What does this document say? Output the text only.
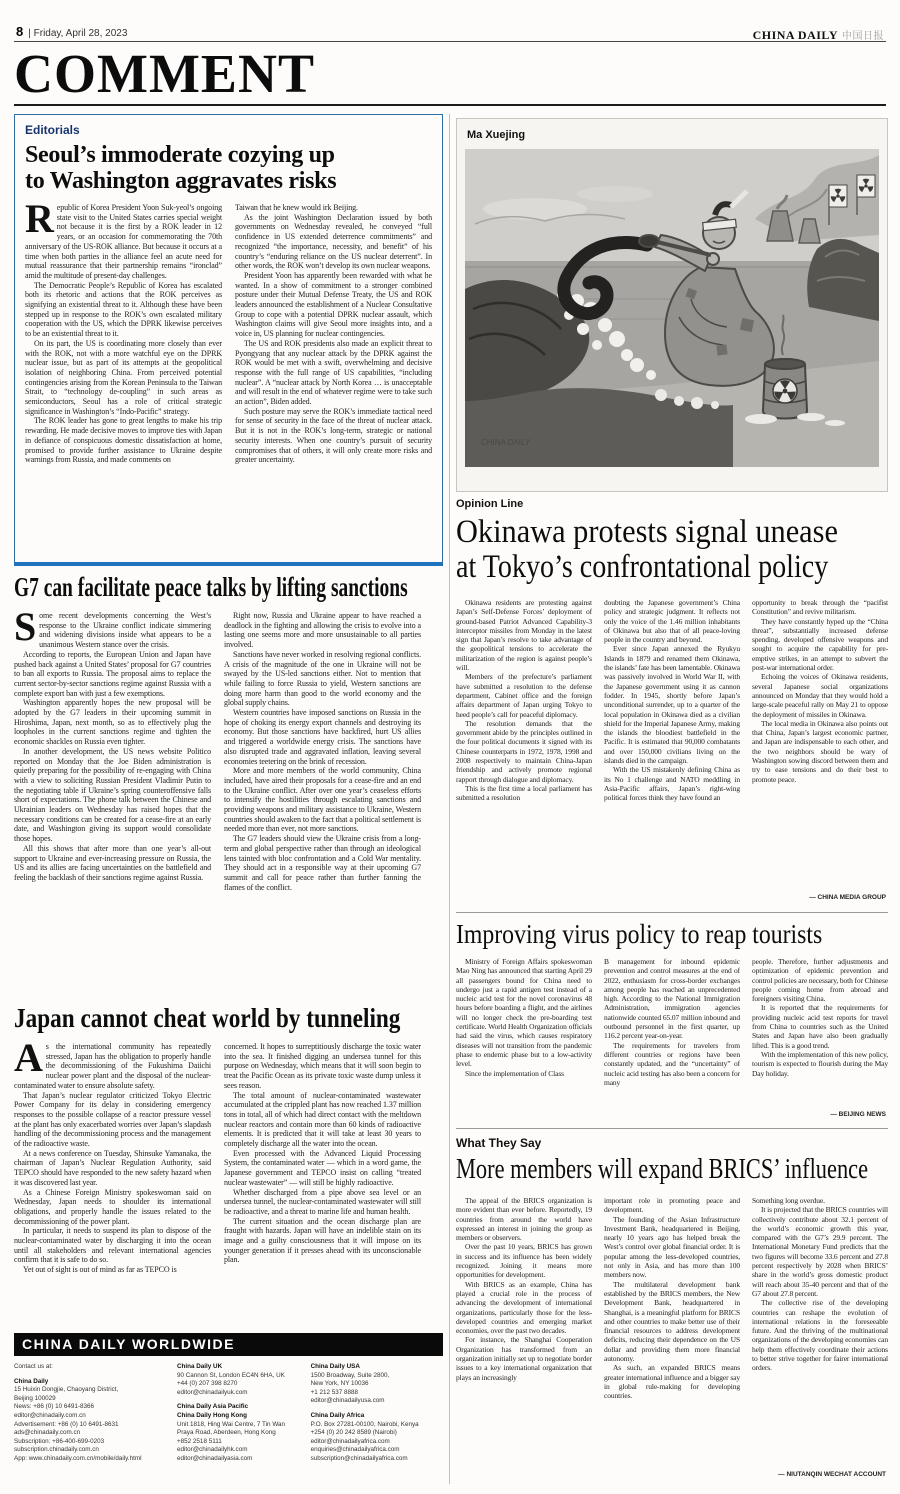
8 | Friday, April 28, 2023	CHINA DAILY 中国日报
COMMENT
Editorials
Seoul’s immoderate cozying up
to Washington aggravates risks

Republic of Korea President Yoon Suk-yeol’s ongoing state visit to the United States carries special weight not because it is the first by a ROK leader in 12 years, or an occasion for commemorating the 70th anniversary of the US-ROK alliance. But because it occurs at a time when both parties in the alliance feel an acute need for mutual reassurance that their partnership remains “ironclad” amid the multitude of present-day challenges.

The Democratic People’s Republic of Korea has escalated both its rhetoric and actions that the ROK perceives as signifying an existential threat to it. Although these have been stepped up in response to the ROK’s own escalated military cooperation with the US, which the DPRK likewise perceives to be an existential threat to it.

On its part, the US is coordinating more closely than ever with the ROK, not with a more watchful eye on the DPRK nuclear issue, but as part of its attempts at the geopolitical isolation of neighboring China. From perceived potential contingencies arising from the Korean Peninsula to the Taiwan Strait, to “technology de-coupling” in such areas as semiconductors, Seoul has a role of critical strategic significance in Washington’s “Indo-Pacific” strategy.

The ROK leader has gone to great lengths to make his trip rewarding. He made decisive moves to improve ties with Japan in defiance of conspicuous domestic dissatisfaction at home, promised to provide further assistance to Ukraine despite warnings from Russia, and made comments on

Taiwan that he knew would irk Beijing.

As the joint Washington Declaration issued by both governments on Wednesday revealed, he conveyed “full confidence in US extended deterrence commitments” and recognized “the importance, necessity, and benefit” of his country’s “enduring reliance on the US nuclear deterrent”. In other words, the ROK won’t develop its own nuclear weapons.

President Yoon has apparently been rewarded with what he wanted. In a show of commitment to a stronger combined posture under their Mutual Defense Treaty, the US and ROK leaders announced the establishment of a Nuclear Consultative Group to cope with a potential DPRK nuclear assault, which Washington claims will give Seoul more insights into, and a voice in, US planning for nuclear contingencies.

The US and ROK presidents also made an explicit threat to Pyongyang that any nuclear attack by the DPRK against the ROK would be met with a swift, overwhelming and decisive response with the full range of US capabilities, “including nuclear”. A “nuclear attack by North Korea … is unacceptable and will result in the end of whatever regime were to take such an action”, Biden added.

Such posture may serve the ROK’s immediate tactical need for sense of security in the face of the threat of nuclear attack. But it is not in the ROK’s long-term, strategic or national security interests. When one country’s pursuit of security compromises that of others, it will only create more risks and greater uncertainty.

G7 can facilitate peace talks by lifting sanctions

Some recent developments concerning the West’s response to the Ukraine conflict indicate simmering and widening divisions inside what appears to be a unanimous Western stance over the crisis.

According to reports, the European Union and Japan have pushed back against a United States’ proposal for G7 countries to ban all exports to Russia. The proposal aims to replace the current sector-by-sector sanctions regime against Russia with a complete export ban with just a few exemptions.

Washington apparently hopes the new proposal will be adopted by the G7 leaders in their upcoming summit in Hiroshima, Japan, next month, so as to effectively plug the loopholes in the current sanctions regime and tighten the economic shackles on Russia even tighter.

In another development, the US news website Politico reported on Monday that the Joe Biden administration is quietly preparing for the possibility of re-engaging with China with a view to soliciting Russian President Vladimir Putin to the negotiating table if Ukraine’s spring counteroffensive falls short of expectations. The phone talk between the Chinese and Ukrainian leaders on Wednesday has raised hopes that the necessary conditions can be created for a cease-fire at an early date, and Washington giving its support would consolidate those hopes.

All this shows that after more than one year’s all-out support to Ukraine and ever-increasing pressure on Russia, the US and its allies are facing uncertainties on the battlefield and feeling the backlash of their sanctions regime against Russia.

Right now, Russia and Ukraine appear to have reached a deadlock in the fighting and allowing the crisis to evolve into a lasting one seems more and more unsustainable to all parties involved.

Sanctions have never worked in resolving regional conflicts. A crisis of the magnitude of the one in Ukraine will not be swayed by the US-led sanctions either. Not to mention that while failing to force Russia to yield, Western sanctions are doing more harm than good to the world economy and the global supply chains.

Western countries have imposed sanctions on Russia in the hope of choking its energy export channels and destroying its economy. But those sanctions have backfired, hurt US allies and triggered a worldwide energy crisis. The sanctions have also disrupted trade and aggravated inflation, leaving several economies teetering on the brink of recession.

More and more members of the world community, China included, have aired their proposals for a cease-fire and an end to the Ukraine conflict. After over one year’s ceaseless efforts to intensify the hostilities through escalating sanctions and providing weapons and military assistance to Ukraine, Western countries should awaken to the fact that a political settlement is needed more than ever, not more sanctions.

The G7 leaders should view the Ukraine crisis from a long-term and global perspective rather than through an ideological lens tainted with bloc confrontation and a Cold War mentality. They should act in a responsible way at their upcoming G7 summit and call for peace rather than further fanning the flames of the conflict.

Japan cannot cheat world by tunneling

As the international community has repeatedly stressed, Japan has the obligation to properly handle the decommissioning of the Fukushima Daiichi nuclear power plant and the disposal of the nuclear-contaminated water to ensure absolute safety.

That Japan’s nuclear regulator criticized Tokyo Electric Power Company for its delay in considering emergency responses to the possible collapse of a reactor pressure vessel at the plant has only exacerbated worries over Japan’s slapdash handling of the decommissioning process and the management of the radioactive waste.

At a news conference on Tuesday, Shinsuke Yamanaka, the chairman of Japan’s Nuclear Regulation Authority, said TEPCO should have responded to the new safety hazard when it was discovered last year.

As a Chinese Foreign Ministry spokeswoman said on Wednesday, Japan needs to shoulder its international obligations, and properly handle the issues related to the decommissioning of the power plant.

In particular, it needs to suspend its plan to dispose of the nuclear-contaminated water by discharging it into the ocean until all stakeholders and relevant international agencies confirm that it is safe to do so.

Yet out of sight is out of mind as far as TEPCO is

concerned. It hopes to surreptitiously discharge the toxic water into the sea. It finished digging an undersea tunnel for this purpose on Wednesday, which means that it will soon begin to treat the Pacific Ocean as its private toxic waste dump unless it sees reason.

The total amount of nuclear-contaminated wastewater accumulated at the crippled plant has now reached 1.37 million tons in total, all of which had direct contact with the meltdown nuclear reactors and contain more than 60 kinds of radioactive elements. It is predicted that it will take at least 30 years to completely discharge all the water into the ocean.

Even processed with the Advanced Liquid Processing System, the contaminated water — which in a word game, the Japanese government and TEPCO insist on calling “treated nuclear wastewater” — will still be highly radioactive.

Whether discharged from a pipe above sea level or an undersea tunnel, the nuclear-contaminated wastewater will still be radioactive, and a threat to marine life and human health.

The current situation and the ocean discharge plan are fraught with hazards. Japan will have an indelible stain on its image and a guilty consciousness that it will impose on its younger generation if it presses ahead with its unconscionable plan.

CHINA DAILY WORLDWIDE
Contact us at:
China Daily
15 Huixin Dongjie, Chaoyang District,
Beijing 100029
News: +86 (0) 10 6491-8366
editor@chinadaily.com.cn
Advertisement: +86 (0) 10 6491-8631
ads@chinadaily.com.cn
Subscription: +86-400-699-0203
subscription.chinadaily.com.cn
App: www.chinadaily.com.cn/mobile/daily.html
China Daily UK
90 Cannon St, London EC4N 6HA, UK
+44 (0) 207 398 8270
editor@chinadailyuk.com
China Daily Asia Pacific
China Daily Hong Kong
Unit 1818, Hing Wai Centre, 7 Tin Wan
Praya Road, Aberdeen, Hong Kong
+852 2518 5111
editor@chinadailyhk.com
editor@chinadailyasia.com
China Daily USA
1500 Broadway, Suite 2800,
New York, NY 10036
+1 212 537 8888
editor@chinadailyusa.com
China Daily Africa
P.O. Box 27281-00100, Nairobi, Kenya
+254 (0) 20 242 8589 (Nairobi)
editor@chinadailyafrica.com
enquiries@chinadailyafrica.com
subscription@chinadailyafrica.com
Ma Xuejing
CHINA DAILY
Opinion Line
Okinawa protests signal unease
at Tokyo’s confrontational policy

Okinawa residents are protesting against Japan’s Self-Defense Forces’ deployment of ground-based Patriot Advanced Capability-3 interceptor missiles from Monday in the latest sign that Japan’s resolve to take advantage of the geopolitical tensions to accelerate the militarization of the region is against people’s will.

Members of the prefecture’s parliament have submitted a resolution to the defense department, Cabinet office and the foreign affairs department of Japan urging Tokyo to heed people’s call for peaceful diplomacy.

The resolution demands that the government abide by the principles outlined in the four political documents it signed with its Chinese counterparts in 1972, 1978, 1998 and 2008 respectively to maintain China-Japan friendship and actively promote regional rapport through dialogue and diplomacy.

This is the first time a local parliament has submitted a resolution

doubting the Japanese government’s China policy and strategic judgment. It reflects not only the voice of the 1.46 million inhabitants of Okinawa but also that of all peace-loving people in the country and beyond.

Ever since Japan annexed the Ryukyu Islands in 1879 and renamed them Okinawa, the islands’ fate has been lamentable. Okinawa was passively involved in World War II, with the Japanese government using it as cannon fodder. In 1945, shortly before Japan’s unconditional surrender, up to a quarter of the local population in Okinawa died as a civilian shield for the Imperial Japanese Army, making the islands the bloodiest battlefield in the Pacific. It is estimated that 90,000 combatants and over 150,000 civilians living on the islands died in the campaign.

With the US mistakenly defining China as its No 1 challenge and NATO meddling in Asia-Pacific affairs, Japan’s right-wing political forces think they have found an

opportunity to break through the “pacifist Constitution” and revive militarism.

They have constantly hyped up the “China threat”, substantially increased defense spending, developed offensive weapons and sought to acquire the capability for pre-emptive strikes, in an attempt to subvert the post-war international order.

Echoing the voices of Okinawa residents, several Japanese social organizations announced on Monday that they would hold a large-scale peaceful rally on May 21 to oppose the deployment of missiles in Okinawa.

The local media in Okinawa also points out that China, Japan’s largest economic partner, and Japan are indispensable to each other, and the two neighbors should be wary of Washington sowing discord between them and try to ease tensions and do their best to promote peace.

— CHINA MEDIA GROUP
Improving virus policy to reap tourists

Ministry of Foreign Affairs spokeswoman Mao Ning has announced that starting April 29 all passengers bound for China need to undergo just a rapid antigen test instead of a nucleic acid test for the novel coronavirus 48 hours before boarding a flight, and the airlines will no longer check the pre-boarding test certificate. World Health Organization officials had said the virus, which causes respiratory diseases will not transition from the pandemic phase to endemic phase but to a low-activity level.

Since the implementation of Class

B management for inbound epidemic prevention and control measures at the end of 2022, enthusiasm for cross-border exchanges among people has reached an unprecedented high. According to the National Immigration Administration, immigration agencies nationwide counted 65.07 million inbound and outbound personnel in the first quarter, up 116.2 percent year-on-year.

The requirements for travelers from different countries or regions have been constantly updated, and the “uncertainty” of nucleic acid testing has also been a concern for many

people. Therefore, further adjustments and optimization of epidemic prevention and control policies are necessary, both for Chinese people coming home from abroad and foreigners visiting China.

It is reported that the requirements for providing nucleic acid test reports for travel from China to countries such as the United States and Japan have also been gradually lifted. This is a good trend.

With the implementation of this new policy, tourism is expected to flourish during the May Day holiday.

— BEIJING NEWS
What They Say
More members will expand BRICS’ influence

The appeal of the BRICS organization is more evident than ever before. Reportedly, 19 countries from around the world have expressed an interest in joining the group as members or observers.

Over the past 10 years, BRICS has grown in success and its influence has been widely recognized. Joining it means more opportunities for development.

With BRICS as an example, China has played a crucial role in the process of advancing the development of international organizations, particularly those for the less-developed countries and emerging market economies, over the past two decades.

For instance, the Shanghai Cooperation Organization has transformed from an organization initially set up to negotiate border issues to a key international organization that plays an increasingly

important role in promoting peace and development.

The founding of the Asian Infrastructure Investment Bank, headquartered in Beijing, nearly 10 years ago has helped break the West’s control over global financial order. It is popular among the less-developed countries, not only in Asia, and has more than 100 members now.

The multilateral development bank established by the BRICS members, the New Development Bank, headquartered in Shanghai, is a meaningful platform for BRICS and other countries to make better use of their financial resources to address development deficits, reducing their dependence on the US dollar and providing them more financial autonomy.

As such, an expanded BRICS means greater international influence and a bigger say in global rule-making for developing countries.

Something long overdue.

It is projected that the BRICS countries will collectively contribute about 32.1 percent of the world’s economic growth this year, compared with the G7’s 29.9 percent. The International Monetary Fund predicts that the two figures will become 33.6 percent and 27.8 percent respectively by 2028 when BRICS’ share in the world’s gross domestic product will reach about 35-40 percent and that of the G7 about 27.8 percent.

The collective rise of the developing countries can reshape the evolution of international relations in the foreseeable future. And the thriving of the multinational organizations of the developing economies can help them effectively coordinate their actions to better strive together for fairer international orders.

— NIUTANQIN WECHAT ACCOUNT
